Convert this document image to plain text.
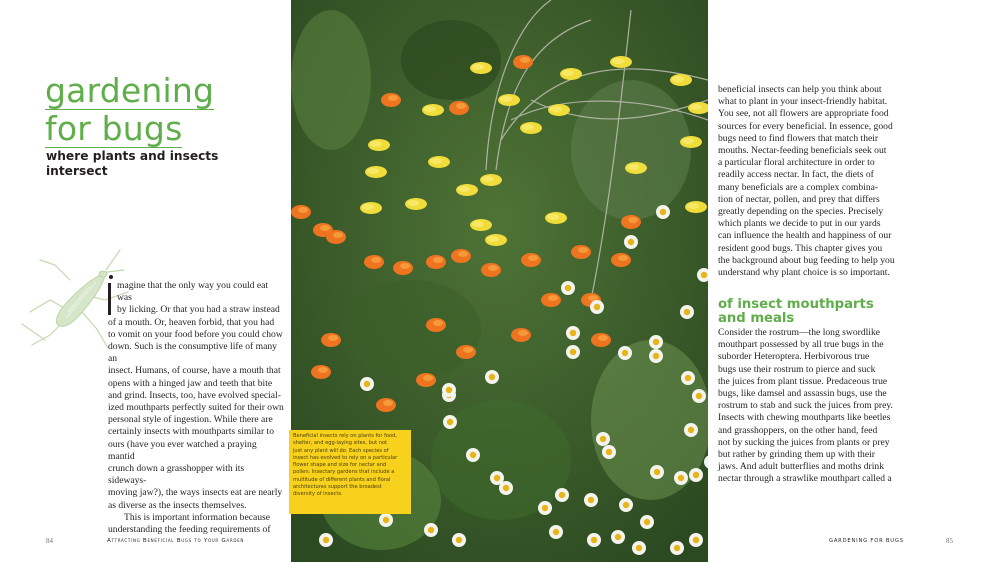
gardening
for bugs
where plants and insects
intersect

magine that the only way you could eat was
by licking. Or that you had a straw instead
of a mouth. Or, heaven forbid, that you had
to vomit on your food before you could chow
down. Such is the consumptive life of many an
insect. Humans, of course, have a mouth that
opens with a hinged jaw and teeth that bite
and grind. Insects, too, have evolved special-
ized mouthparts perfectly suited for their own
personal style of ingestion. While there are
certainly insects with mouthparts similar to
ours (have you ever watched a praying mantid
crunch down a grasshopper with its sideways-
moving jaw?), the ways insects eat are nearly
as diverse as the insects themselves.

This is important information because
understanding the feeding requirements of

84	Attracting Beneficial Bugs to Your Garden
Beneficial insects rely on plants for food,
shelter, and egg-laying sites, but not
just any plant will do. Each species of
insect has evolved to rely on a particular
flower shape and size for nectar and
pollen. Insectary gardens that include a
multitude of different plants and floral
architectures support the broadest
diversity of insects.

beneficial insects can help you think about
what to plant in your insect-friendly habitat.
You see, not all flowers are appropriate food
sources for every beneficial. In essence, good
bugs need to find flowers that match their
mouths. Nectar-feeding beneficials seek out
a particular floral architecture in order to
readily access nectar. In fact, the diets of
many beneficials are a complex combina-
tion of nectar, pollen, and prey that differs
greatly depending on the species. Precisely
which plants we decide to put in our yards
can influence the health and happiness of our
resident good bugs. This chapter gives you
the background about bug feeding to help you
understand why plant choice is so important.

of insect mouthparts
and meals

Consider the rostrum—the long swordlike
mouthpart possessed by all true bugs in the
suborder Heteroptera. Herbivorous true
bugs use their rostrum to pierce and suck
the juices from plant tissue. Predaceous true
bugs, like damsel and assassin bugs, use the
rostrum to stab and suck the juices from prey.
Insects with chewing mouthparts like beetles
and grasshoppers, on the other hand, feed
not by sucking the juices from plants or prey
but rather by grinding them up with their
jaws. And adult butterflies and moths drink
nectar through a strawlike mouthpart called a

GARDENING FOR BUGS	85
